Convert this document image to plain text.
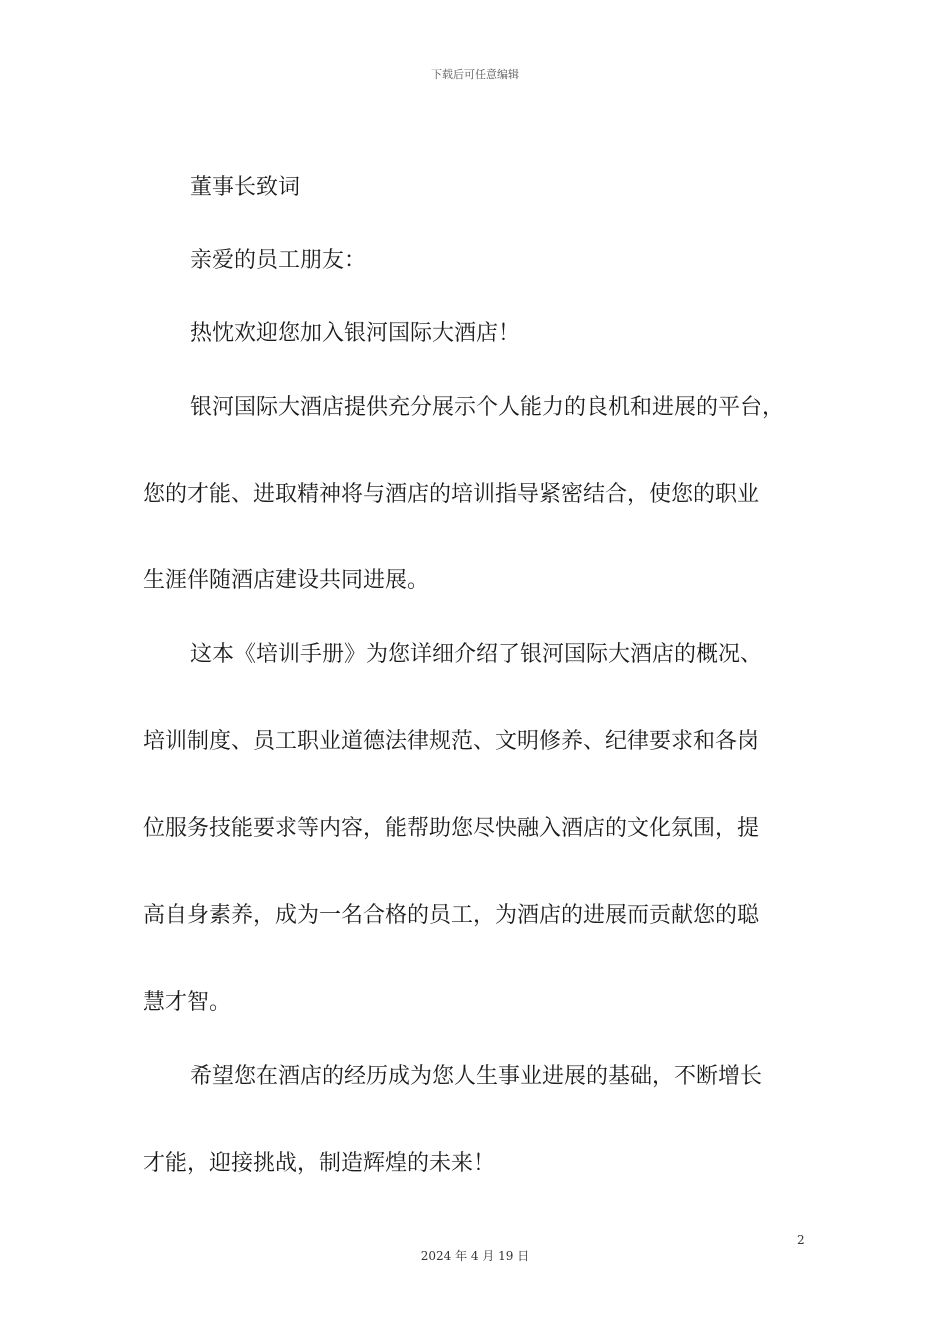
下载后可任意编辑
董事长致词
亲爱的员工朋友：
热忱欢迎您加入银河国际大酒店！
银河国际大酒店提供充分展示个人能力的良机和进展的平台，
您的才能、进取精神将与酒店的培训指导紧密结合，使您的职业
生涯伴随酒店建设共同进展。
这本《培训手册》为您详细介绍了银河国际大酒店的概况、
培训制度、员工职业道德法律规范、文明修养、纪律要求和各岗
位服务技能要求等内容，能帮助您尽快融入酒店的文化氛围，提
高自身素养，成为一名合格的员工，为酒店的进展而贡献您的聪
慧才智。
希望您在酒店的经历成为您人生事业进展的基础，不断增长
才能，迎接挑战，制造辉煌的未来！
2
2024 年 4 月 19 日
